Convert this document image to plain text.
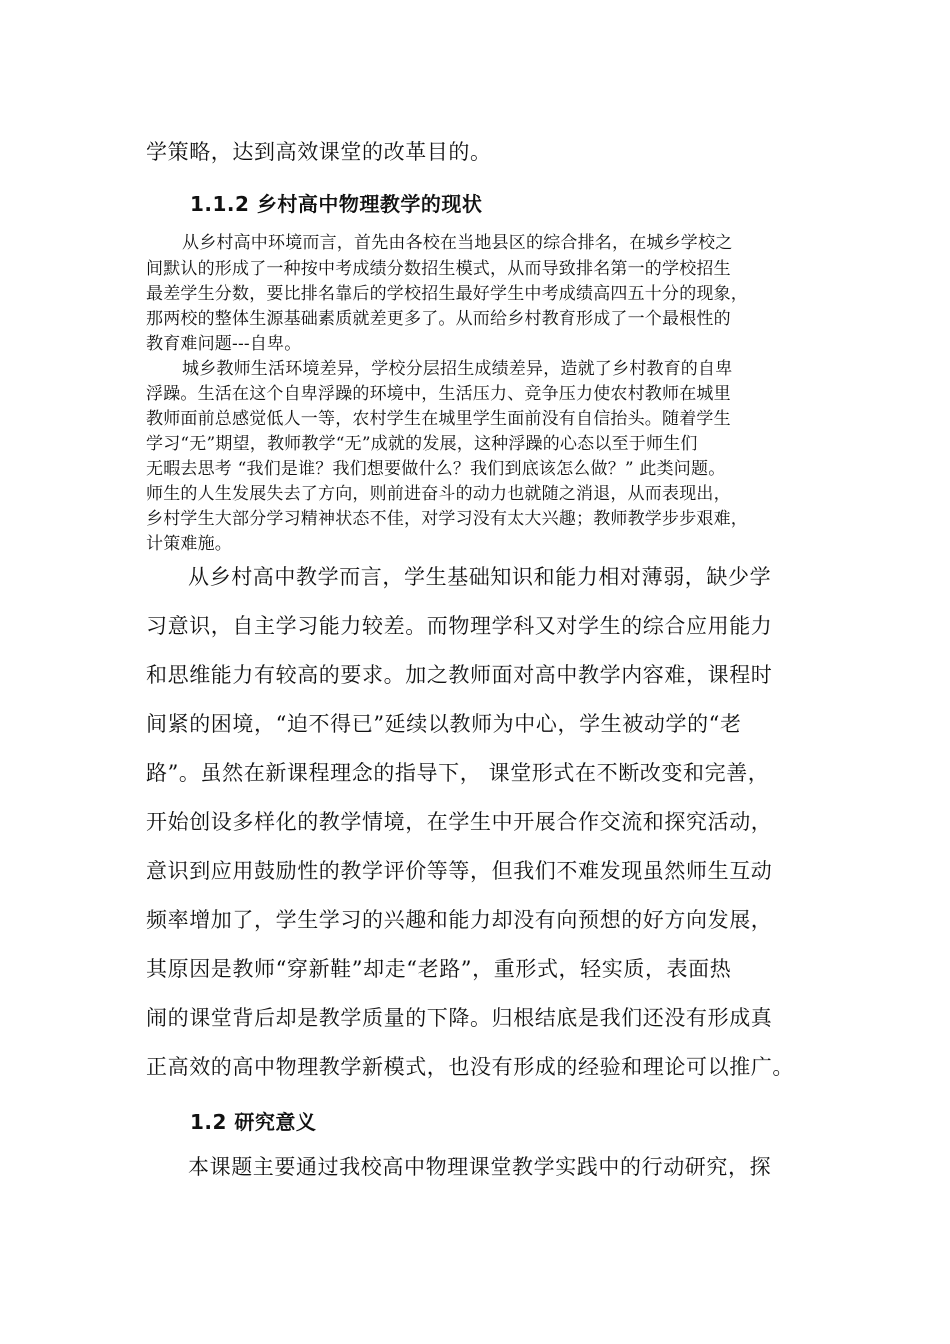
学策略，达到高效课堂的改革目的。

1.1.2 乡村高中物理教学的现状

从乡村高中环境而言，首先由各校在当地县区的综合排名，在城乡学校之

间默认的形成了一种按中考成绩分数招生模式，从而导致排名第一的学校招生

最差学生分数，要比排名靠后的学校招生最好学生中考成绩高四五十分的现象，

那两校的整体生源基础素质就差更多了。从而给乡村教育形成了一个最根性的

教育难问题---自卑。

城乡教师生活环境差异，学校分层招生成绩差异，造就了乡村教育的自卑

浮躁。生活在这个自卑浮躁的环境中，生活压力、竞争压力使农村教师在城里

教师面前总感觉低人一等，农村学生在城里学生面前没有自信抬头。随着学生

学习“无”期望，教师教学“无”成就的发展，这种浮躁的心态以至于师生们

无暇去思考 “我们是谁？我们想要做什么？我们到底该怎么做？” 此类问题。

师生的人生发展失去了方向，则前进奋斗的动力也就随之消退，从而表现出，

乡村学生大部分学习精神状态不佳，对学习没有太大兴趣；教师教学步步艰难，

计策难施。

从乡村高中教学而言，学生基础知识和能力相对薄弱，缺少学

习意识，自主学习能力较差。而物理学科又对学生的综合应用能力

和思维能力有较高的要求。加之教师面对高中教学内容难，课程时

间紧的困境，“迫不得已”延续以教师为中心，学生被动学的“老

路”。虽然在新课程理念的指导下， 课堂形式在不断改变和完善，

开始创设多样化的教学情境，在学生中开展合作交流和探究活动，

意识到应用鼓励性的教学评价等等，但我们不难发现虽然师生互动

频率增加了，学生学习的兴趣和能力却没有向预想的好方向发展，

其原因是教师“穿新鞋”却走“老路”，重形式，轻实质，表面热

闹的课堂背后却是教学质量的下降。归根结底是我们还没有形成真

正高效的高中物理教学新模式，也没有形成的经验和理论可以推广。

1.2 研究意义

本课题主要通过我校高中物理课堂教学实践中的行动研究，探
